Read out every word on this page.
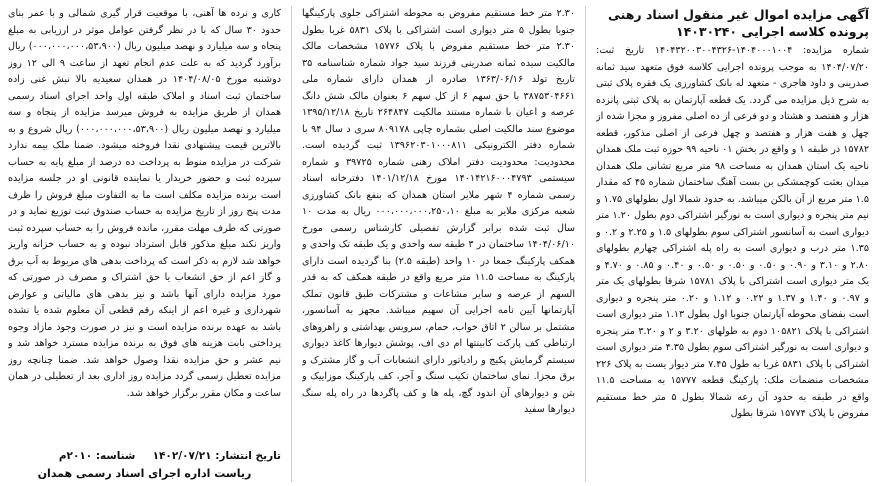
آگهی مزایده اموال غیر منقول اسناد رهنی

پرونده کلاسه اجرایی ۱۴۰۳۰۲۴۰

شماره مزایده: ۱۴۰۴۰۰۰۱۰۰۴-۱۴۰۴۳۲۰۰۳۰۰۴۳۲۶ تاریخ ثبت: ۱۴۰۴/۰۷/۲۰ به موجب پرونده اجرایی کلاسه فوق متعهد سید ثمانه صدرینی و داود هاجری - متعهد له بانک کشاورزی یک فقره پلاک ثبتی به شرح ذیل مزایده می گردد. یک قطعه آپارتمان به پلاک ثبتی پانزده هزار و هفتصد و هشتاد و دو فرعی از ده اصلی مفروز و مجزا شده از چهل و هفت هزار و هفتصد و چهل فرعی از اصلی مذکور، قطعه ۱۵۷۸۲ در طبقه ۱ و واقع در بخش ۰۱ ناحیه ۹۹ حوزه ثبت ملک همدان ناحیه یک استان همدان به مساحت ۹۸ متر مربع تشانی ملک همدان میدان بعثت کوچمشکی بن بست آهنگ ساختمان شماره ۴۵ که مقدار ۱.۵ متر مربع از آن بالکن میباشد. به حدود شمالا اول بطولهای ۱.۷۵ و نیم متر پنجره و دیواری است به نورگیر اشتراکی دوم بطول ۱.۲۰ متر دیواری است به آسانسور اشتراکی سوم بطولهای ۱.۵ و ۲.۲۵ و ۰.۲ و ۱.۳۵ متر درب و دیواری است به راه پله اشتراکی چهارم بطولهای ۲.۸۰ و ۳.۱۰ و ۰.۹۰ و ۰.۵۰ و ۰.۵۰ و ۰.۵۰ و ۰.۴۰ و ۰.۸۵ و ۴.۷۰ و یک متر دیواری است اشتراکی با پلاک ۱۵۷۸۱ شرقا بطولهای یک متر و ۰.۹۷ و ۱.۴۰ و ۱.۳۷ و ۰.۲۲ و ۱.۱۲ و ۰.۲۰ متر پنجره و دیواری است بفضای محوطه آپارتمان جنوبا اول بطول ۱.۱۳ متر دیواری است اشتراکی با پلاک ۱۰۵۸۲۱ دوم به طولهای ۳.۲۰ و ۲ و ۳.۲۰ متر پنجره و دیواری است به نورگیر اشتراکی سوم بطول ۴.۳۵ متر دیواری است اشتراکی با پلاک ۵۸۳۱ غربا به طول ۷.۴۵ متر دیوار یست به پلاک ۲۲۶ مشخصات منضمات ملک: پارکینگ قطعه ۱۵۷۷۷ به مساحت ۱۱.۵ واقع در طبقه به حدود آن رعه شمالا بطول ۵ متر خط مستقیم مفروض با پلاک ۱۵۷۷۴ شرقا بطول

۲.۳۰ متر خط مستقیم مفروض به محوطه اشتراکی جلوی پارکینگها جنوبا بطول ۵ متر دیواری است اشتراکی با پلاک ۵۸۳۱ غربا بطول ۲.۳۰ متر خط مستقیم مفروض با پلاک ۱۵۷۷۶ مشخصات مالک مالکیت سیده ثمانه صدرینی فرزند سید جواد شماره شناسنامه ۳۵ تاریخ تولد ۱۳۶۳/۰۶/۱۶ صادره از همدان دارای شماره ملی ۳۸۷۵۳۰۴۶۶۱ با حق سهم ۶ از کل سهم ۶ بعنوان مالک شش دانگ عرصه و اعیان با شماره مستند مالکیت ۲۶۴۸۴۷ تاریخ ۱۳۹۵/۱۲/۱۸ موضوع سند مالکیت اصلی بشماره چاپی ۸۰۹۱۷۸ سری د سال ۹۴ با شماره دفتر الکترونیکی ۱۳۹۶۲۰۳۰۱۰۰۰۸۱۱ ثبت گردیده است. محدودیت: محدودیت دفتر املاک رهنی شماره ۳۹۷۲۵ و شماره سیستمی ۱۴۰۱۴۲۱۶۰۰۰۴۷۹۳ مورخ ۱۴۰۱/۱۲/۱۸ دفترخانه اسناد رسمی شماره ۴ شهر ملایر استان همدان که بنفع بانک کشاورزی شعبه مرکزی ملایر به مبلغ ۰۰۰،۰۰۰،۰۰۰،۲۵۰،۱۰ ریال به مدت ۱۰ سال ثبت شده برابر گزارش تفصیلی کارشناس رسمی مورخ ۱۴۰۴/۰۶/۱۰ ساختمان در ۳ طبقه سه واحدی و یک طبقه تک واحدی و همکف پارکینگ جمعا در ۱۰ واحد (طبقه ۲.۵) بنا گردیده است دارای پارکینگ به مساحت ۱۱.۵ متر مربع واقع در طبقه همکف که به قدر السهم از عرصه و سایر مشاعات و مشترکات طبق قانون تملک آپارتمانها آیین نامه اجرایی آن سهیم میباشد. مجهز به آسانسور، مشتمل بر سالن ۲ اتاق خواب، حمام، سرویس بهداشتی و راهروهای ارتباطی کف پارکت کابینتها ام دی اف، پوشش دیوارها کاغذ دیواری سیستم گرمایش پکیج و رادیاتور دارای انشعابات آب و گاز مشترک و برق مجزا. نمای ساختمان تکیب سنگ و آجر، کف پارکینگ موزاییک و بتن و دیوارهای آن اندود گچ، پله ها و کف پاگردها در راه پله سنگ دیوارها سفید

کاری و نرده ها آهنی، با موقعیت قرار گیری شمالی و با عمر بنای حدود ۳۰ سال که با در نظر گرفتن عوامل موثر در ارزیابی به مبلغ پنجاه و سه میلیارد و نهصد میلیون ریال (۰۰۰،۰۰۰،۰۰۰،۵۳،۹۰۰) ریال برآورد گردید که به علت عدم انجام تعهد از ساعت ۹ الی ۱۲ روز دوشنبه مورخ ۱۴۰۴/۰۸/۰۵ در همدان سعیدیه بالا نبش غنی زاده ساختمان ثبت اسناد و املاک طبقه اول واحد اجرای اسناد رسمی همدان از طریق مزایده به فروش میرسد مزایده از پنجاه و سه میلیارد و نهصد میلیون ریال (۰۰۰،۰۰۰،۰۰۰،۵۳،۹۰۰) ریال شروع و به بالاترین قیمت پیشنهادی نقدا فروخته میشود. ضمنا ملک بیمه ندارد شرکت در مزایده منوط به پرداخت ده درصد از مبلغ پایه به حساب سپرده ثبت و حضور خریدار یا نماینده قانونی او در جلسه مزایده است برنده مزایده مکلف است ما به التفاوت مبلغ فروش را ظرف مدت پنج روز از تاریخ مزایده به حساب صندوق ثبت توزیع نماید و در صورتی که طرف مهلت مقرر، مانده فروش را به حساب سپرده ثبت واریز نکند مبلغ مذکور قابل استرداد نبوده و به حساب خزانه واریز خواهد شد لازم به ذکر است که پرداخت بدهی های مربوط به آب برق و گاز اعم از حق انشعاب یا حق اشتراک و مصرف در صورتی که مورد مزایده دارای آنها باشد و نیز بدهی های مالیاتی و عوارض شهرداری و غیره اعم از اینکه رقم قطعی آن معلوم شده یا نشده باشد به عهده برنده مزایده است و نیز در صورت وجود مازاد وجوه پرداختی بابت هزینه های فوق به برنده مزایده مسترد خواهد شد و نیم عشر و حق مزایده نقدا وصول خواهد شد. ضمنا چنانچه روز مزایده تعطیل رسمی گردد مزایده روز اداری بعد از تعطیلی در همان ساعت و مکان مقرر برگزار خواهد شد.

تاریخ انتشار: ۱۴۰۲/۰۷/۲۱  شناسه: ۲۰۱۰م
ریاست اداره اجرای اسناد رسمی همدان
